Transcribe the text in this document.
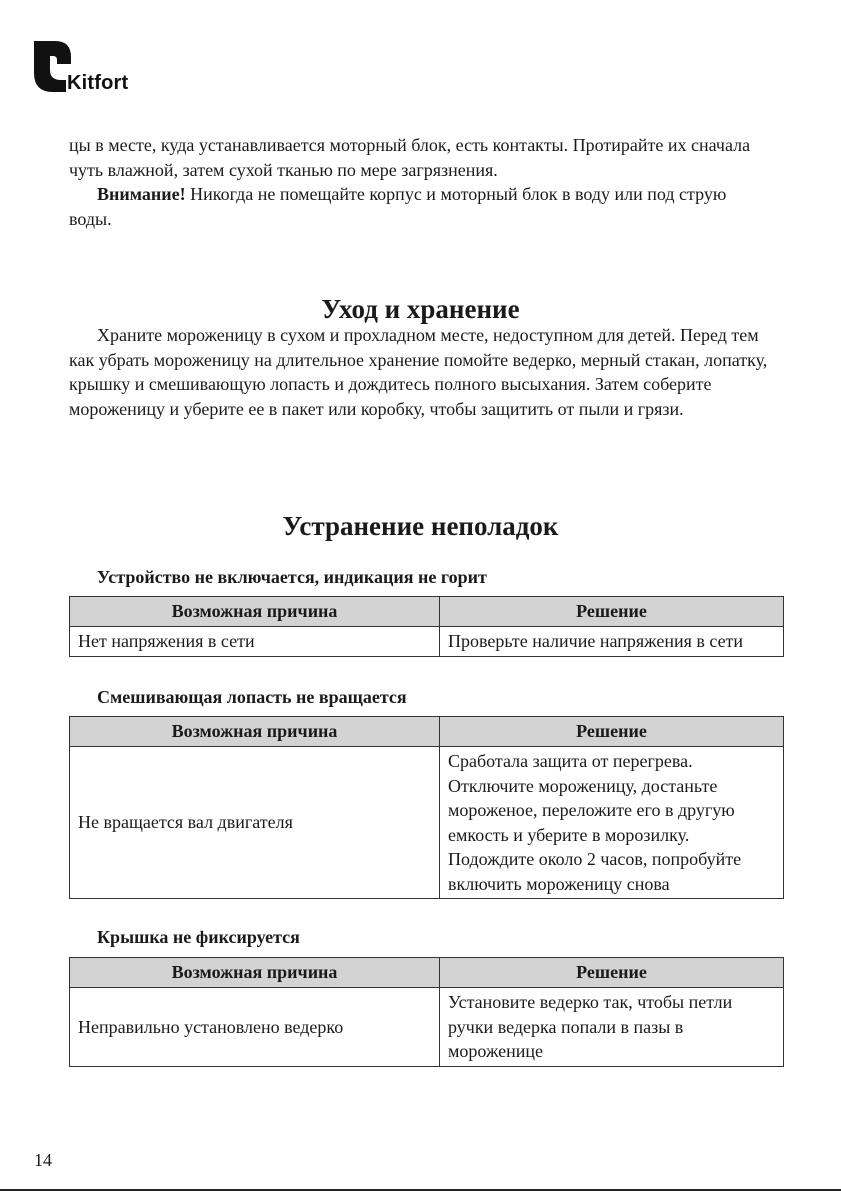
Kitfort

цы в месте, куда устанавливается моторный блок, есть контакты. Протирайте их сначала чуть влажной, затем сухой тканью по мере загрязнения.

Внимание! Никогда не помещайте корпус и моторный блок в воду или под струю воды.

Уход и хранение

Храните мороженицу в сухом и прохладном месте, недоступном для детей. Перед тем как убрать мороженицу на длительное хранение помойте ведерко, мерный стакан, лопатку, крышку и смешивающую лопасть и дождитесь полного высыхания. Затем соберите мороженицу и уберите ее в пакет или коробку, чтобы защитить от пыли и грязи.

Устранение неполадок
Устройство не включается, индикация не горит
Возможная причина	Решение
Нет напряжения в сети	Проверьте наличие напряжения в сети
Смешивающая лопасть не вращается
Возможная причина	Решение
Не вращается вал двигателя	Сработала защита от перегрева. Отключите мороженицу, достаньте мороженое, переложите его в другую емкость и уберите в морозилку. Подождите около 2 часов, попробуйте включить мороженицу снова
Крышка не фиксируется
Возможная причина	Решение
Неправильно установлено ведерко	Установите ведерко так, чтобы петли ручки ведерка попали в пазы в мороженице
14
